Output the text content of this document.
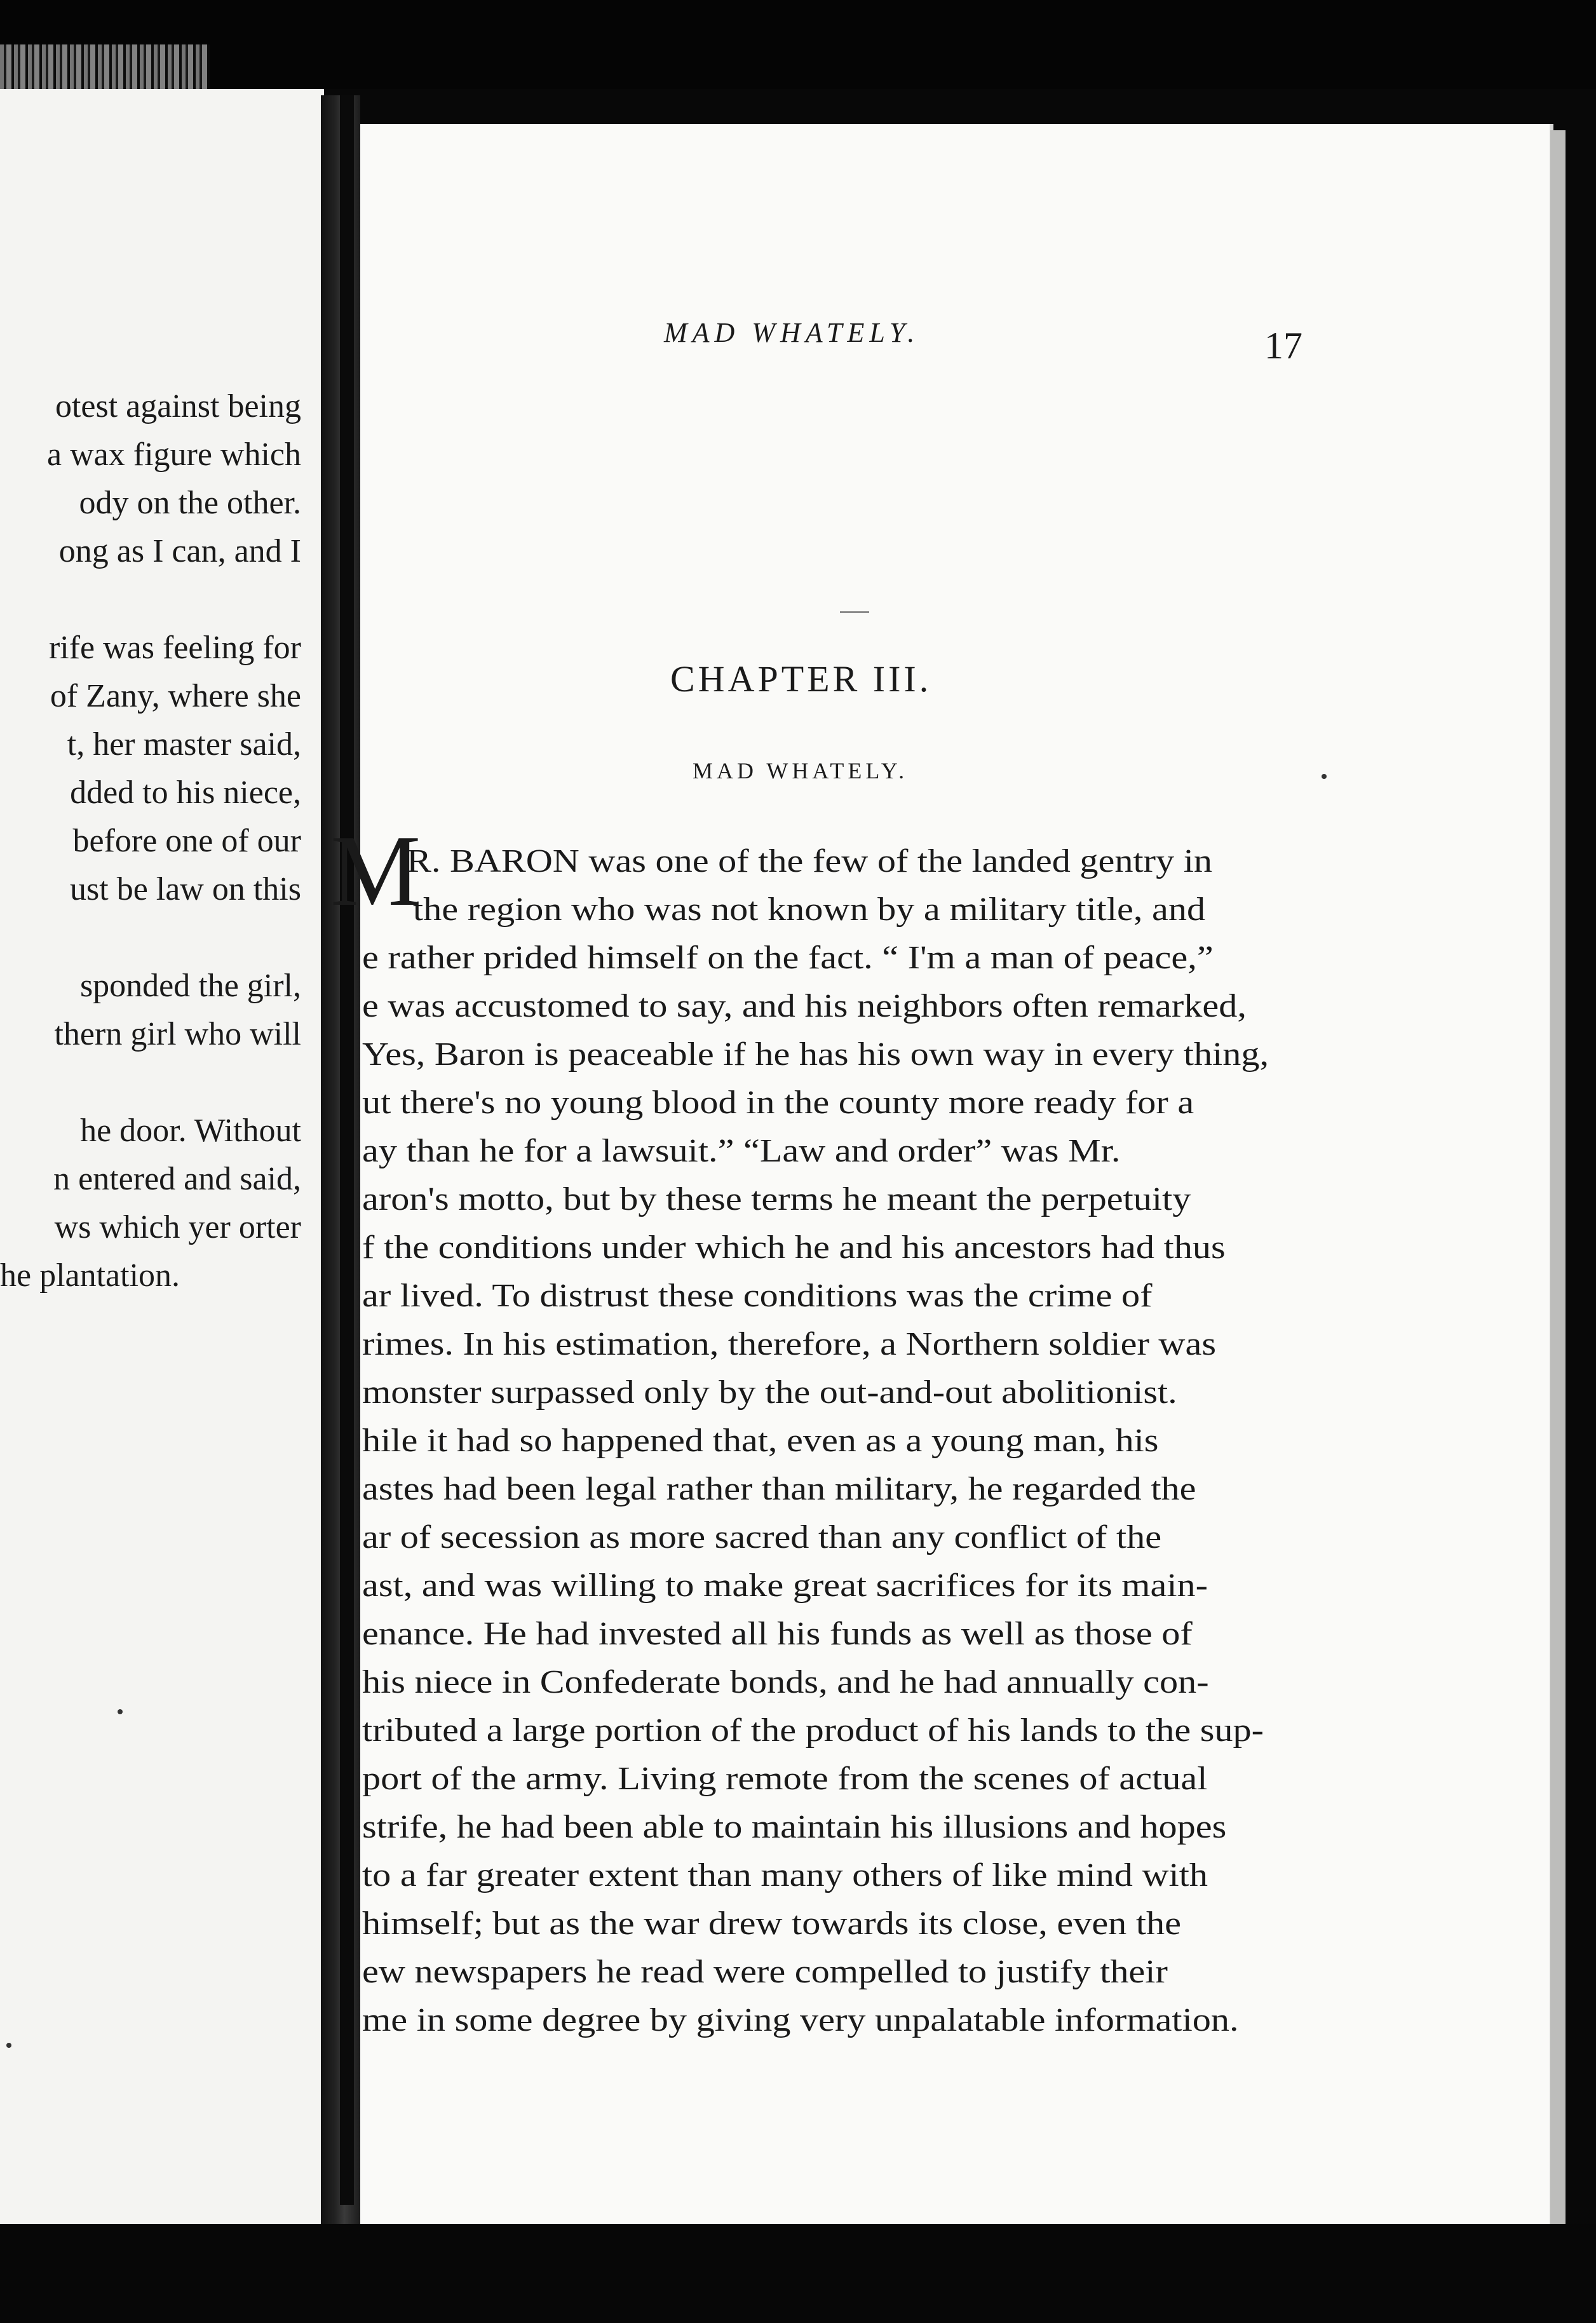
otest against being
a wax figure which
ody on the other.
ong as I can, and I
rife was feeling for
of Zany, where she
t, her master said,
dded to his niece,
before one of our
ust be law on this
sponded the girl,
thern girl who will
he door. Without
n entered and said,
ws which yer orter
he plantation.
MAD WHATELY.	17
CHAPTER III.
MAD WHATELY.
M
R. BARON was one of the few of the landed gentry in
the region who was not known by a military title, and
e rather prided himself on the fact. “ I'm a man of peace,”
e was accustomed to say, and his neighbors often remarked,
Yes, Baron is peaceable if he has his own way in every thing,
ut there's no young blood in the county more ready for a
ay than he for a lawsuit.” “Law and order” was Mr.
aron's motto, but by these terms he meant the perpetuity
f the conditions under which he and his ancestors had thus
ar lived. To distrust these conditions was the crime of
rimes. In his estimation, therefore, a Northern soldier was
monster surpassed only by the out-and-out abolitionist.
hile it had so happened that, even as a young man, his
astes had been legal rather than military, he regarded the
ar of secession as more sacred than any conflict of the
ast, and was willing to make great sacrifices for its main-
enance. He had invested all his funds as well as those of
his niece in Confederate bonds, and he had annually con-
tributed a large portion of the product of his lands to the sup-
port of the army. Living remote from the scenes of actual
strife, he had been able to maintain his illusions and hopes
to a far greater extent than many others of like mind with
himself; but as the war drew towards its close, even the
ew newspapers he read were compelled to justify their
me in some degree by giving very unpalatable information.
